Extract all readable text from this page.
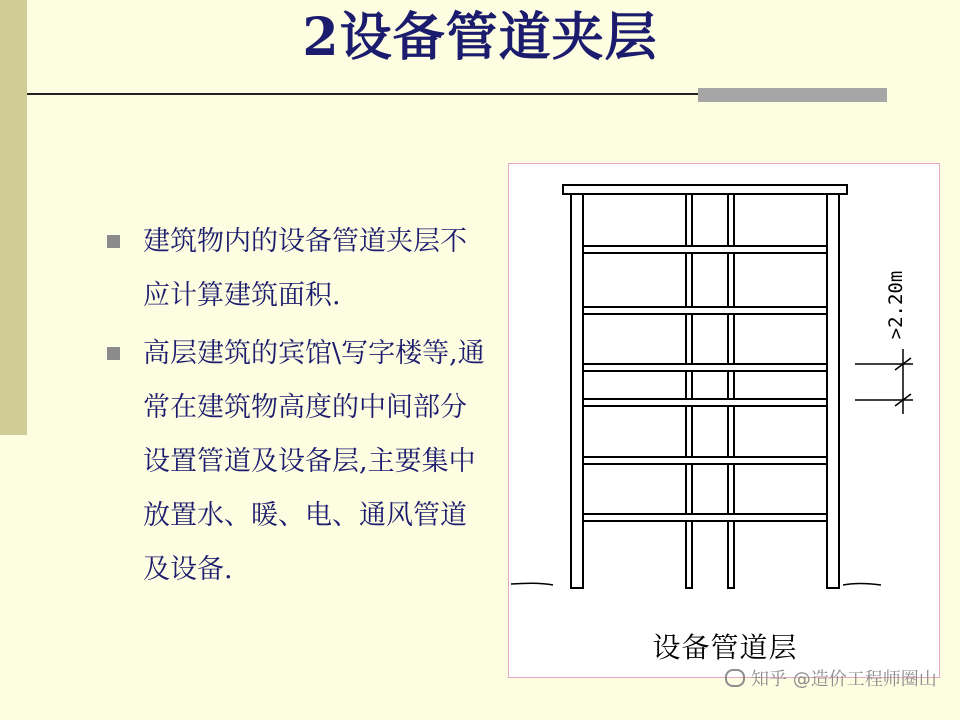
2设备管道夹层
建筑物内的设备管道夹层不应计算建筑面积.
高层建筑的宾馆\写字楼等,通常在建筑物高度的中间部分设置管道及设备层,主要集中放置水、暖、电、通风管道及设备.
>2.20m
设备管道层
知乎 @造价工程师圈山
